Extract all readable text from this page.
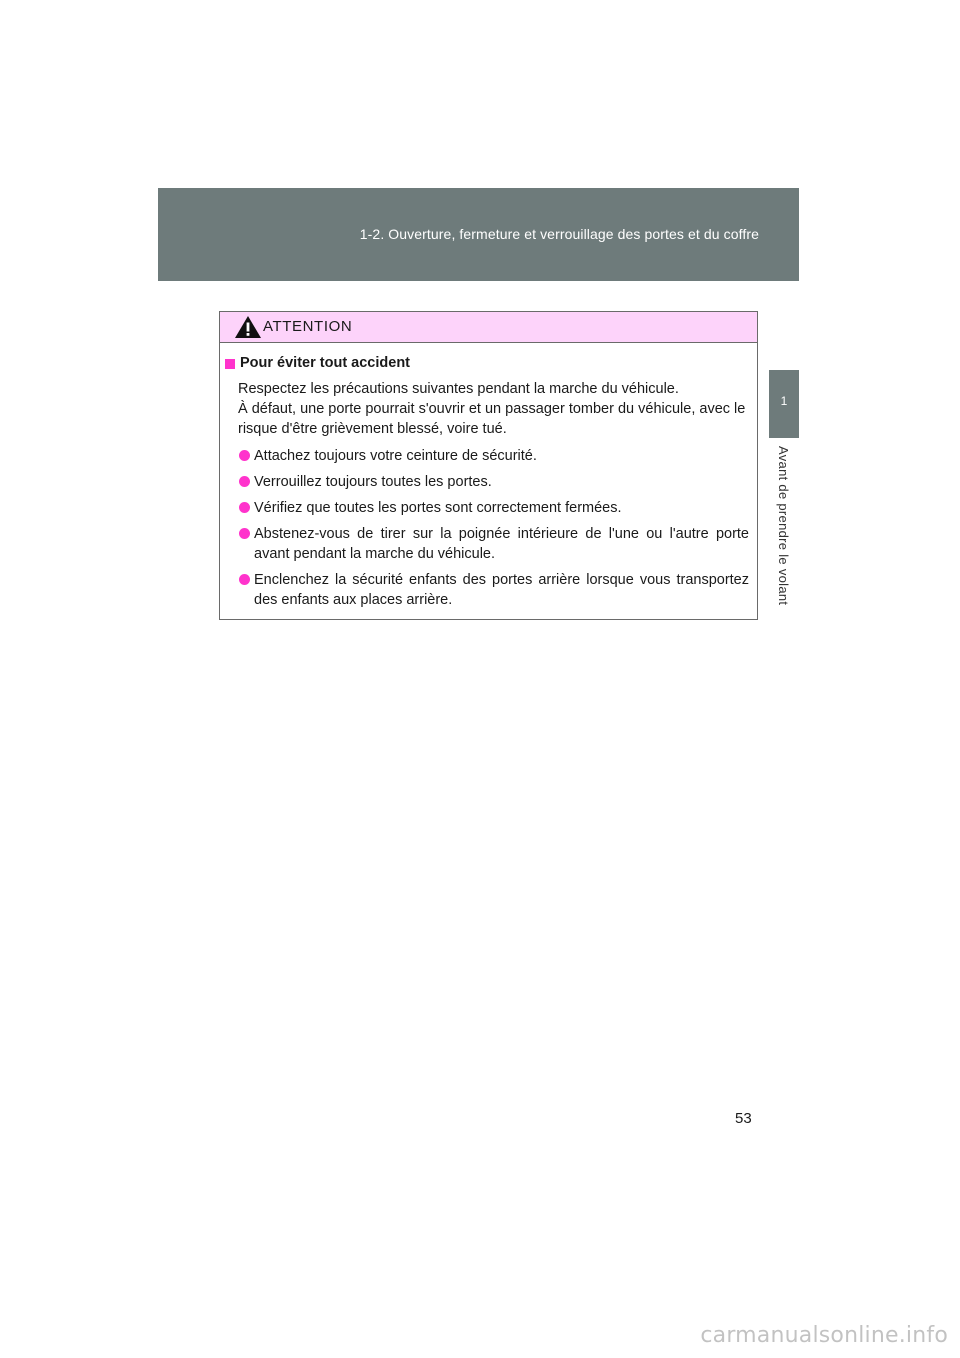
1-2. Ouverture, fermeture et verrouillage des portes et du coffre
1
Avant de prendre le volant
ATTENTION
Pour éviter tout accident

Respectez les précautions suivantes pendant la marche du véhicule.

À défaut, une porte pourrait s'ouvrir et un passager tomber du véhicule, avec le risque d'être grièvement blessé, voire tué.

Attachez toujours votre ceinture de sécurité.
Verrouillez toujours toutes les portes.
Vérifiez que toutes les portes sont correctement fermées.
Abstenez-vous de tirer sur la poignée intérieure de l'une ou l'autre porte avant pendant la marche du véhicule.
Enclenchez la sécurité enfants des portes arrière lorsque vous transportez des enfants aux places arrière.
53
carmanualsonline.info
